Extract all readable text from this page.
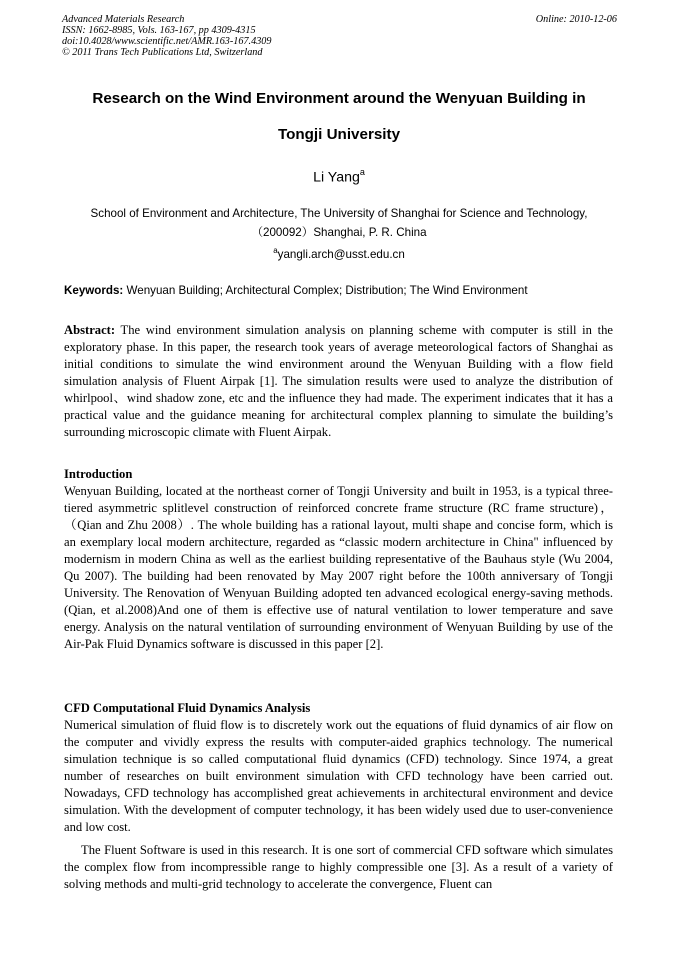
Advanced Materials Research
ISSN: 1662-8985, Vols. 163-167, pp 4309-4315
doi:10.4028/www.scientific.net/AMR.163-167.4309
© 2011 Trans Tech Publications Ltd, Switzerland
Online: 2010-12-06
Research on the Wind Environment around the Wenyuan Building in
Tongji University
Li Yang$^a$
School of Environment and Architecture, The University of Shanghai for Science and Technology,
（200092）Shanghai, P. R. China
$^a$yangli.arch@usst.edu.cn
Keywords: Wenyuan Building; Architectural Complex; Distribution; The Wind Environment
Abstract: The wind environment simulation analysis on planning scheme with computer is still in the exploratory phase. In this paper, the research took years of average meteorological factors of Shanghai as initial conditions to simulate the wind environment around the Wenyuan Building with a flow field simulation analysis of Fluent Airpak [1]. The simulation results were used to analyze the distribution of whirlpool、wind shadow zone, etc and the influence they had made. The experiment indicates that it has a practical value and the guidance meaning for architectural complex planning to simulate the building’s surrounding microscopic climate with Fluent Airpak.
Introduction
Wenyuan Building, located at the northeast corner of Tongji University and built in 1953, is a typical three-tiered asymmetric splitlevel construction of reinforced concrete frame structure (RC frame structure)，（Qian and Zhu 2008）. The whole building has a rational layout, multi shape and concise form, which is an exemplary local modern architecture, regarded as “classic modern architecture in China" influenced by modernism in modern China as well as the earliest building representative of the Bauhaus style (Wu 2004, Qu 2007). The building had been renovated by May 2007 right before the 100th anniversary of Tongji University. The Renovation of Wenyuan Building adopted ten advanced ecological energy-saving methods. (Qian, et al.2008)And one of them is effective use of natural ventilation to lower temperature and save energy. Analysis on the natural ventilation of surrounding environment of Wenyuan Building by use of the Air-Pak Fluid Dynamics software is discussed in this paper [2].
CFD Computational Fluid Dynamics Analysis
Numerical simulation of fluid flow is to discretely work out the equations of fluid dynamics of air flow on the computer and vividly express the results with computer-aided graphics technology. The numerical simulation technique is so called computational fluid dynamics (CFD) technology. Since 1974, a great number of researches on built environment simulation with CFD technology have been carried out. Nowadays, CFD technology has accomplished great achievements in architectural environment and device simulation. With the development of computer technology, it has been widely used due to user-convenience and low cost.
The Fluent Software is used in this research. It is one sort of commercial CFD software which simulates the complex flow from incompressible range to highly compressible one [3]. As a result of a variety of solving methods and multi-grid technology to accelerate the convergence, Fluent can
